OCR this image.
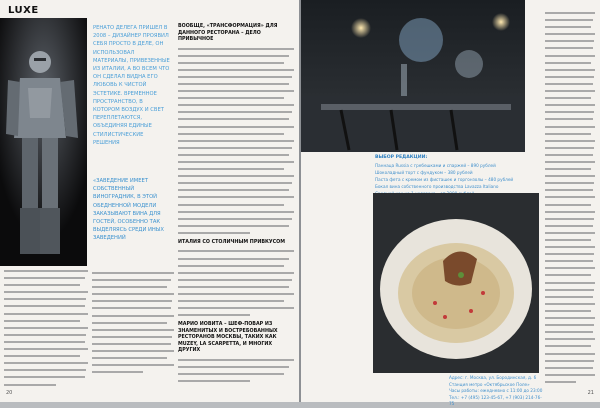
LUXE

РЕНАТО ДЕЛЕГА ПРИШЕЛ В 2008 – ДИЗАЙНЕР ПРОЯВИЛ СЕБЯ ПРОСТО В ДЕЛЕ, ОН ИСПОЛЬЗОВАЛ МАТЕРИАЛЫ, ПРИВЕЗЕННЫЕ ИЗ ИТАЛИИ, А ВО ВСЕМ ЧТО ОН СДЕЛАЛ ВИДНА ЕГО ЛЮБОВЬ К ЧИСТОЙ ЭСТЕТИКЕ. ВРЕМЕННОЕ ПРОСТРАНСТВО, В КОТОРОМ ВОЗДУХ И СВЕТ ПЕРЕПЛЕТАЮТСЯ, ОБЪЕДИНЯЯ ЕДИНЫЕ СТИЛИСТИЧЕСКИЕ РЕШЕНИЯ

«ЗАВЕДЕНИЕ ИМЕЕТ СОБСТВЕННЫЙ ВИНОГРАДНИК, В ЭТОЙ ОБЕДНЕННОЙ МОДЕЛИ ЗАКАЗЫВАЮТ ВИНА ДЛЯ ГОСТЕЙ, ОСОБЕННО ТАК ВЫДЕЛЯЯСЬ СРЕДИ ИНЫХ ЗАВЕДЕНИЙ

ВООБЩЕ, «ТРАНСФОРМАЦИЯ» ДЛЯ ДАННОГО РЕСТОРАНА – ДЕЛО ПРИВЫЧНОЕ
ИТАЛИЯ СО СТОЛИЧНЫМ ПРИВКУСОМ
МАРИО ИОВИТА – ШЕФ-ПОВАР ИЗ ЗНАМЕНИТЫХ И ВОСТРЕБОВАННЫХ РЕСТОРАНОВ МОСКВЫ, ТАКИХ КАК MUZEY, LA SCARPETTA, И МНОГИХ ДРУГИХ
20

ВЫБОР РЕДАКЦИИ:

Паннаца Russia с гребешками и спаржей – 890 рублей

Шоколадный торт с фундуком – 380 рублей

Паста фета с кремом из фисташек и горгонзолы – 480 рублей

Бокал вина собственного производства Lavazza Italiano

Адрес: г. Москва, ул. Бородинская, д. 6

Станция метро «Октябрьское Поле»

Часы работы: ежедневно с 11:00 до 23:00

Тел.: +7 (495) 123-45-67, +7 (903) 214-76-75

21
